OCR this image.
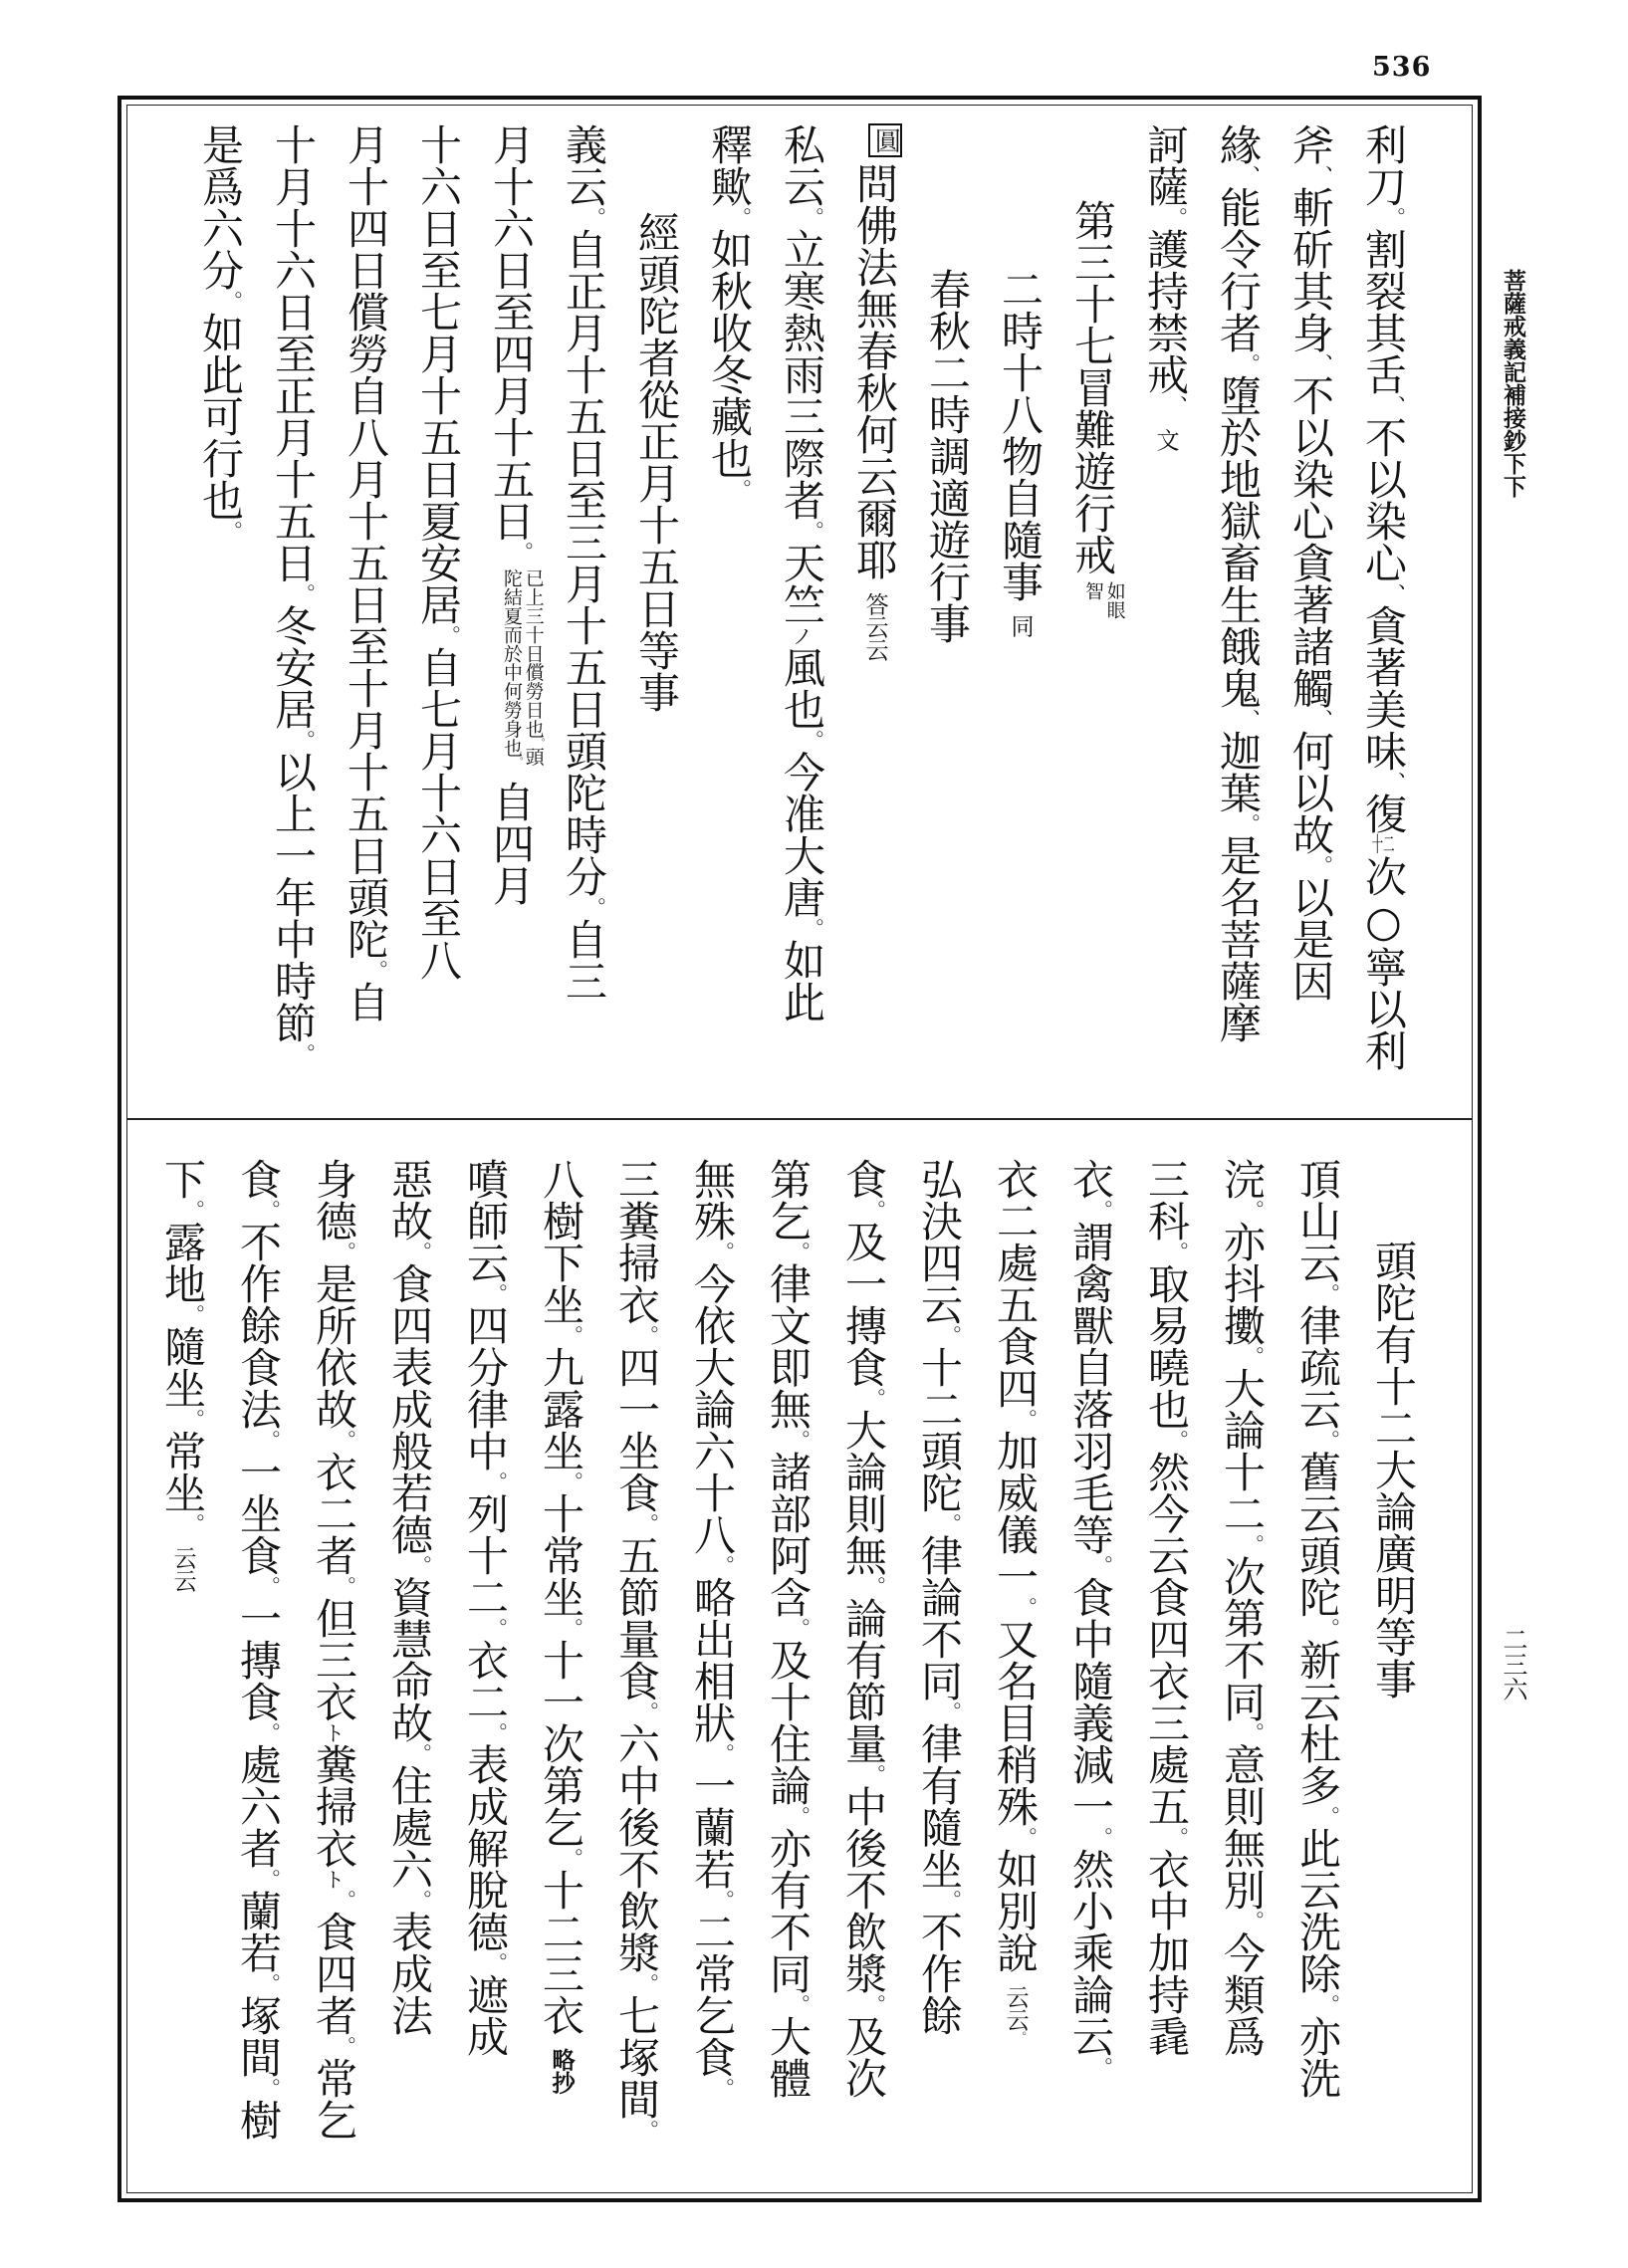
536
菩薩戒義記補接鈔下下
二三六
利刀。割裂其舌、不以染心、貪著美味、復十二次○寧以利
斧、斬斫其身、不以染心貪著諸觸、何以故。以是因
緣、能令行者。墮於地獄畜生餓鬼、迦葉。是名菩薩摩
訶薩。護持禁戒、文
第三十七冒難遊行戒
如眼
智
二時十八物自隨事同
春秋二時調適遊行事
圓問佛法無春秋何云爾耶答云云
私云。立寒熱雨三際者。天竺ノ風也。今准大唐。如此
釋歟。如秋收冬藏也。
經頭陀者從正月十五日等事
義云。自正月十五日至三月十五日頭陀時分。自三
月十六日至四月十五日。
已上三十日償勞日也。頭
陀結夏而於中何勞身也。
自四月
十六日至七月十五日夏安居。自七月十六日至八
月十四日償勞自八月十五日至十月十五日頭陀。自
十月十六日至正月十五日。冬安居。以上一年中時節。
是爲六分。如此可行也。
頭陀有十二大論廣明等事
頂山云。律疏云。舊云頭陀。新云杜多。此云洗除。亦洗
浣。亦抖擻。大論十二。次第不同。意則無別。今類爲
三科。取易曉也。然今云食四衣三處五。衣中加持毳
衣。謂禽獸自落羽毛等。食中隨義減一。然小乘論云。
衣二處五食四。加威儀一。又名目稍殊。如別說云云。
弘決四云。十二頭陀。律論不同。律有隨坐。不作餘
食。及一摶食。大論則無。論有節量。中後不飲漿。及次
第乞。律文即無。諸部阿含。及十住論。亦有不同。大體
無殊。今依大論六十八。略出相狀。一蘭若。二常乞食。
三糞掃衣。四一坐食。五節量食。六中後不飲漿。七塚間。
八樹下坐。九露坐。十常坐。十一次第乞。十二三衣略抄
噴師云。四分律中。列十二。衣二。表成解脫德。遮成
惡故。食四表成般若德。資慧命故。住處六。表成法
身德。是所依故。衣二者。但三衣ト糞掃衣ト。食四者。常乞
食。不作餘食法。一坐食。一摶食。處六者。蘭若。塚間。樹
下。露地。隨坐。常坐。云云
